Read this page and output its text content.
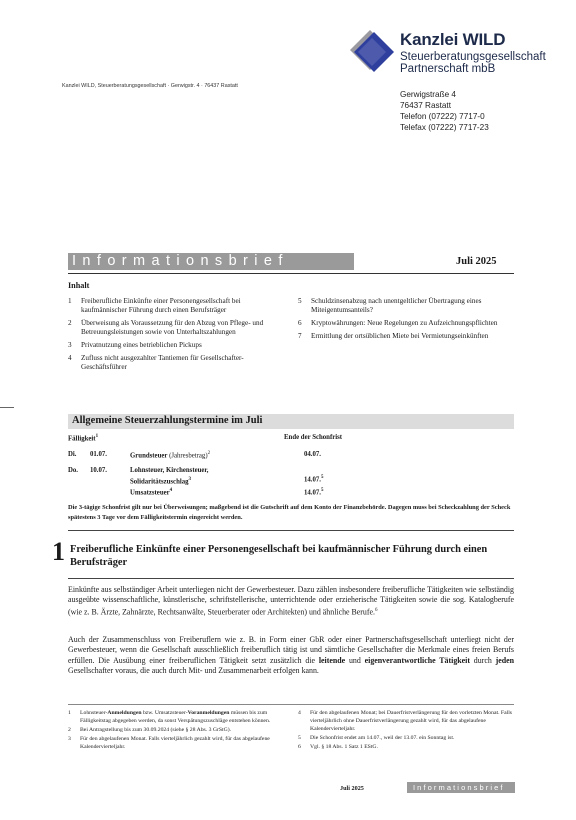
Kanzlei WILD
Steuerberatungsgesellschaft
Partnerschaft mbB
Kanzlei WILD, Steuerberatungsgesellschaft · Gerwigstr. 4 · 76437 Rastatt
Gerwigstraße 4
76437 Rastatt
Telefon (07222) 7717-0
Telefax (07222) 7717-23
Informationsbrief	Juli 2025
Inhalt
1 Freiberufliche Einkünfte einer Personengesellschaft bei kaufmännischer Führung durch einen Berufsträger
2 Überweisung als Voraussetzung für den Abzug von Pflege- und Betreuungsleistungen sowie von Unterhaltszahlungen
3 Privatnutzung eines betrieblichen Pickups
4 Zufluss nicht ausgezahlter Tantiemen für Gesellschafter-Geschäftsführer
5 Schuldzinsenabzug nach unentgeltlicher Übertragung eines Miteigentumsanteils?
6 Kryptowährungen: Neue Regelungen zu Aufzeichnungspflichten
7 Ermittlung der ortsüblichen Miete bei Vermietungseinkünften
Allgemeine Steuerzahlungstermine im Juli
Fälligkeit$^1$	Ende der Schonfrist
Di. 01.07.	Grundsteuer (Jahresbetrag)$^2$	04.07.
Do. 10.07.	Lohnsteuer, Kirchensteuer, Solidaritätszuschlag$^3$	14.07.$^5$
Umsatzsteuer$^4$	14.07.$^5$
Die 3-tägige Schonfrist gilt nur bei Überweisungen; maßgebend ist die Gutschrift auf dem Konto der Finanzbehörde. Dagegen muss bei Scheckzahlung der Scheck spätestens 3 Tage vor dem Fälligkeitstermin eingereicht werden.
1 Freiberufliche Einkünfte einer Personengesellschaft bei kaufmännischer Führung durch einen Berufsträger
Einkünfte aus selbständiger Arbeit unterliegen nicht der Gewerbesteuer. Dazu zählen insbesondere freiberufliche Tätigkeiten wie selbständig ausgeübte wissenschaftliche, künstlerische, schriftstellerische, unterrichtende oder erzieherische Tätigkeiten sowie die sog. Katalogberufe (wie z. B. Ärzte, Zahnärzte, Rechtsanwälte, Steuerberater oder Architekten) und ähnliche Berufe.$^6$
Auch der Zusammenschluss von Freiberuflern wie z. B. in Form einer GbR oder einer Partnerschaftsgesellschaft unterliegt nicht der Gewerbesteuer, wenn die Gesellschaft ausschließlich freiberuflich tätig ist und sämtliche Gesellschafter die Merkmale eines freien Berufs erfüllen. Die Ausübung einer freiberuflichen Tätigkeit setzt zusätzlich die leitende und eigenverantwortliche Tätigkeit durch jeden Gesellschafter voraus, die auch durch Mit- und Zusammenarbeit erfolgen kann.
1 Lohnsteuer-Anmeldungen bzw. Umsatzsteuer-Voranmeldungen müssen bis zum Fälligkeitstag abgegeben werden, da sonst Verspätungszuschläge entstehen können.
2 Bei Antragstellung bis zum 30.09.2024 (siehe § 28 Abs. 3 GrStG).
3 Für den abgelaufenen Monat. Falls vierteljährlich gezahlt wird, für das abgelaufene Kalendervierteljahr.
4 Für den abgelaufenen Monat; bei Dauerfristverlängerung für den vorletzten Monat. Falls vierteljährlich ohne Dauerfristverlängerung gezahlt wird, für das abgelaufene Kalendervierteljahr.
5 Die Schonfrist endet am 14.07., weil der 13.07. ein Sonntag ist.
6 Vgl. § 18 Abs. 1 Satz 1 EStG.
Juli 2025	Informationsbrief
